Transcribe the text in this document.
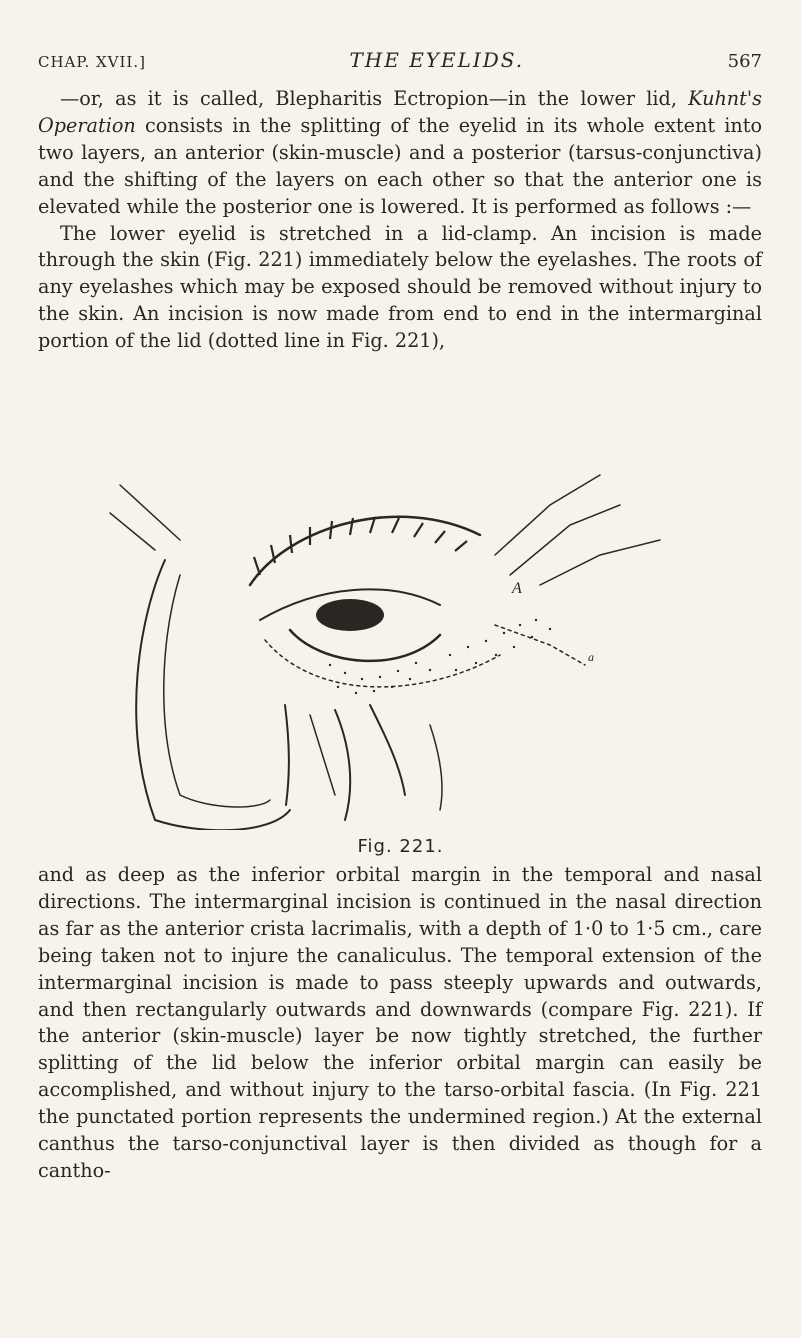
CHAP. XVII.]	THE EYELIDS.	567

—or, as it is called, Blepharitis Ectropion—in the lower lid, Kuhnt's Operation consists in the splitting of the eyelid in its whole extent into two layers, an anterior (skin-muscle) and a posterior (tarsus-conjunctiva) and the shifting of the layers on each other so that the anterior one is elevated while the posterior one is lowered. It is performed as follows :—
The lower eyelid is stretched in a lid-clamp. An incision is made through the skin (Fig. 221) immediately below the eyelashes. The roots of any eyelashes which may be exposed should be removed without injury to the skin. An incision is now made from end to end in the intermarginal portion of the lid (dotted line in Fig. 221),

A
a
Fig. 221.

and as deep as the inferior orbital margin in the temporal and nasal directions. The intermarginal incision is continued in the nasal direction as far as the anterior crista lacrimalis, with a depth of 1·0 to 1·5 cm., care being taken not to injure the canaliculus. The temporal extension of the intermarginal incision is made to pass steeply upwards and outwards, and then rectangularly outwards and downwards (compare Fig. 221). If the anterior (skin-muscle) layer be now tightly stretched, the further splitting of the lid below the inferior orbital margin can easily be accomplished, and without injury to the tarso-orbital fascia. (In Fig. 221 the punctated portion represents the undermined region.) At the external canthus the tarso-conjunctival layer is then divided as though for a cantho-
